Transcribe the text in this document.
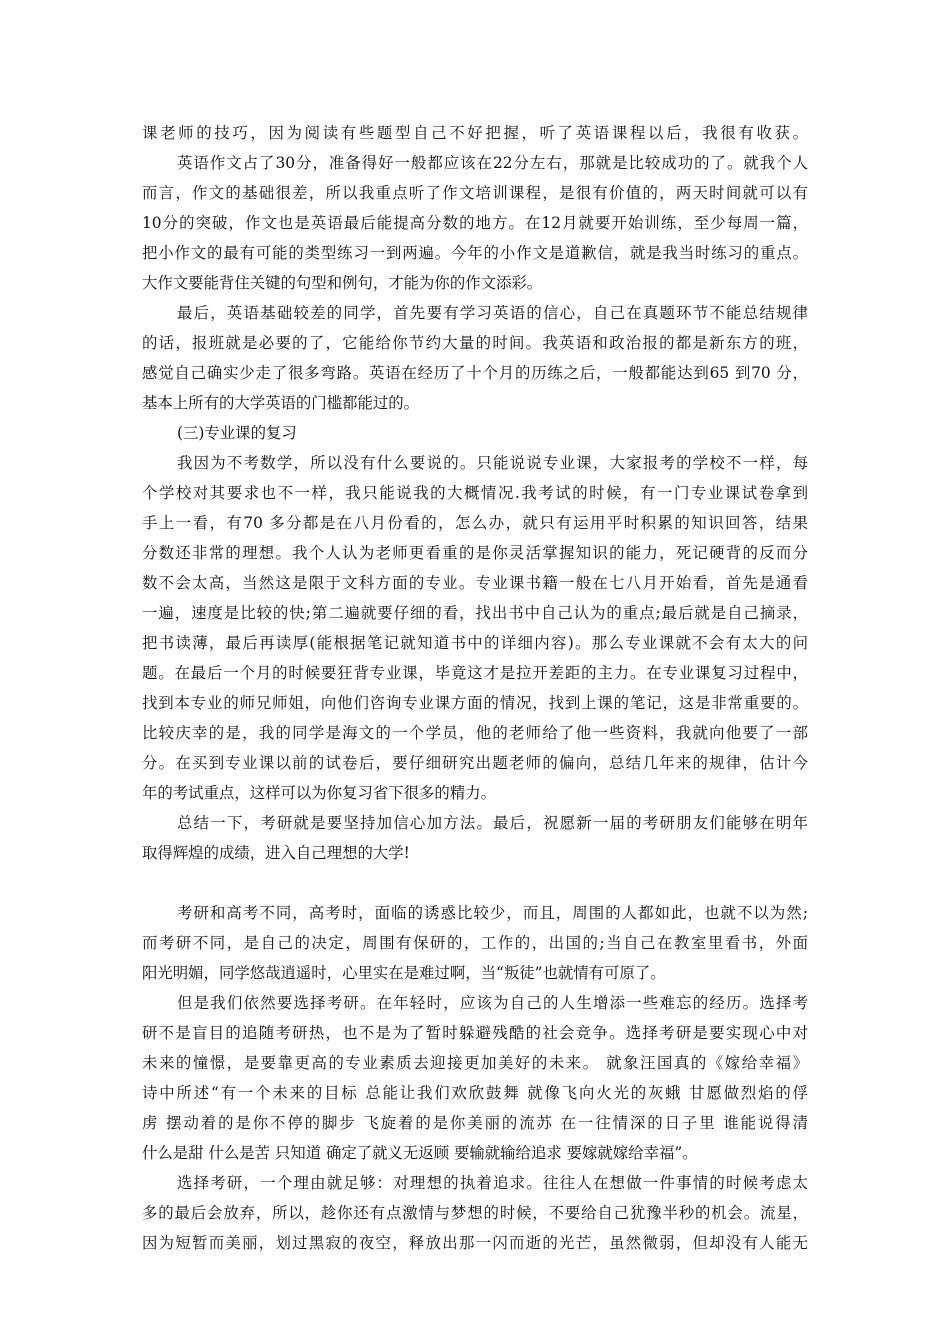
课老师的技巧，因为阅读有些题型自己不好把握，听了英语课程以后，我很有收获。
英语作文占了30分，准备得好一般都应该在22分左右，那就是比较成功的了。就我个人
而言，作文的基础很差，所以我重点听了作文培训课程，是很有价值的，两天时间就可以有
10分的突破，作文也是英语最后能提高分数的地方。在12月就要开始训练，至少每周一篇，
把小作文的最有可能的类型练习一到两遍。今年的小作文是道歉信，就是我当时练习的重点。
大作文要能背住关键的句型和例句，才能为你的作文添彩。
最后，英语基础较差的同学，首先要有学习英语的信心，自己在真题环节不能总结规律
的话，报班就是必要的了，它能给你节约大量的时间。我英语和政治报的都是新东方的班，
感觉自己确实少走了很多弯路。英语在经历了十个月的历练之后，一般都能达到65 到70 分，
基本上所有的大学英语的门槛都能过的。
(三)专业课的复习
我因为不考数学，所以没有什么要说的。只能说说专业课，大家报考的学校不一样，每
个学校对其要求也不一样，我只能说我的大概情况.我考试的时候，有一门专业课试卷拿到
手上一看，有70 多分都是在八月份看的，怎么办，就只有运用平时积累的知识回答，结果
分数还非常的理想。我个人认为老师更看重的是你灵活掌握知识的能力，死记硬背的反而分
数不会太高，当然这是限于文科方面的专业。专业课书籍一般在七八月开始看，首先是通看
一遍，速度是比较的快;第二遍就要仔细的看，找出书中自己认为的重点;最后就是自己摘录，
把书读薄，最后再读厚(能根据笔记就知道书中的详细内容)。那么专业课就不会有太大的问
题。在最后一个月的时候要狂背专业课，毕竟这才是拉开差距的主力。在专业课复习过程中，
找到本专业的师兄师姐，向他们咨询专业课方面的情况，找到上课的笔记，这是非常重要的。
比较庆幸的是，我的同学是海文的一个学员，他的老师给了他一些资料，我就向他要了一部
分。在买到专业课以前的试卷后，要仔细研究出题老师的偏向，总结几年来的规律，估计今
年的考试重点，这样可以为你复习省下很多的精力。
总结一下，考研就是要坚持加信心加方法。最后，祝愿新一届的考研朋友们能够在明年
取得辉煌的成绩，进入自己理想的大学!
考研和高考不同，高考时，面临的诱惑比较少，而且，周围的人都如此，也就不以为然;
而考研不同，是自己的决定，周围有保研的，工作的，出国的;当自己在教室里看书，外面
阳光明媚，同学悠哉逍遥时，心里实在是难过啊，当“叛徒”也就情有可原了。
但是我们依然要选择考研。在年轻时，应该为自己的人生增添一些难忘的经历。选择考
研不是盲目的追随考研热，也不是为了暂时躲避残酷的社会竞争。选择考研是要实现心中对
未来的憧憬，是要靠更高的专业素质去迎接更加美好的未来。 就象汪国真的《嫁给幸福》
诗中所述“有一个未来的目标 总能让我们欢欣鼓舞 就像飞向火光的灰蛾 甘愿做烈焰的俘
虏 摆动着的是你不停的脚步 飞旋着的是你美丽的流苏 在一往情深的日子里 谁能说得清
什么是甜 什么是苦 只知道 确定了就义无返顾 要输就输给追求 要嫁就嫁给幸福”。
选择考研，一个理由就足够：对理想的执着追求。往往人在想做一件事情的时候考虑太
多的最后会放弃，所以，趁你还有点激情与梦想的时候，不要给自己犹豫半秒的机会。流星，
因为短暂而美丽，划过黑寂的夜空，释放出那一闪而逝的光芒，虽然微弱，但却没有人能无
